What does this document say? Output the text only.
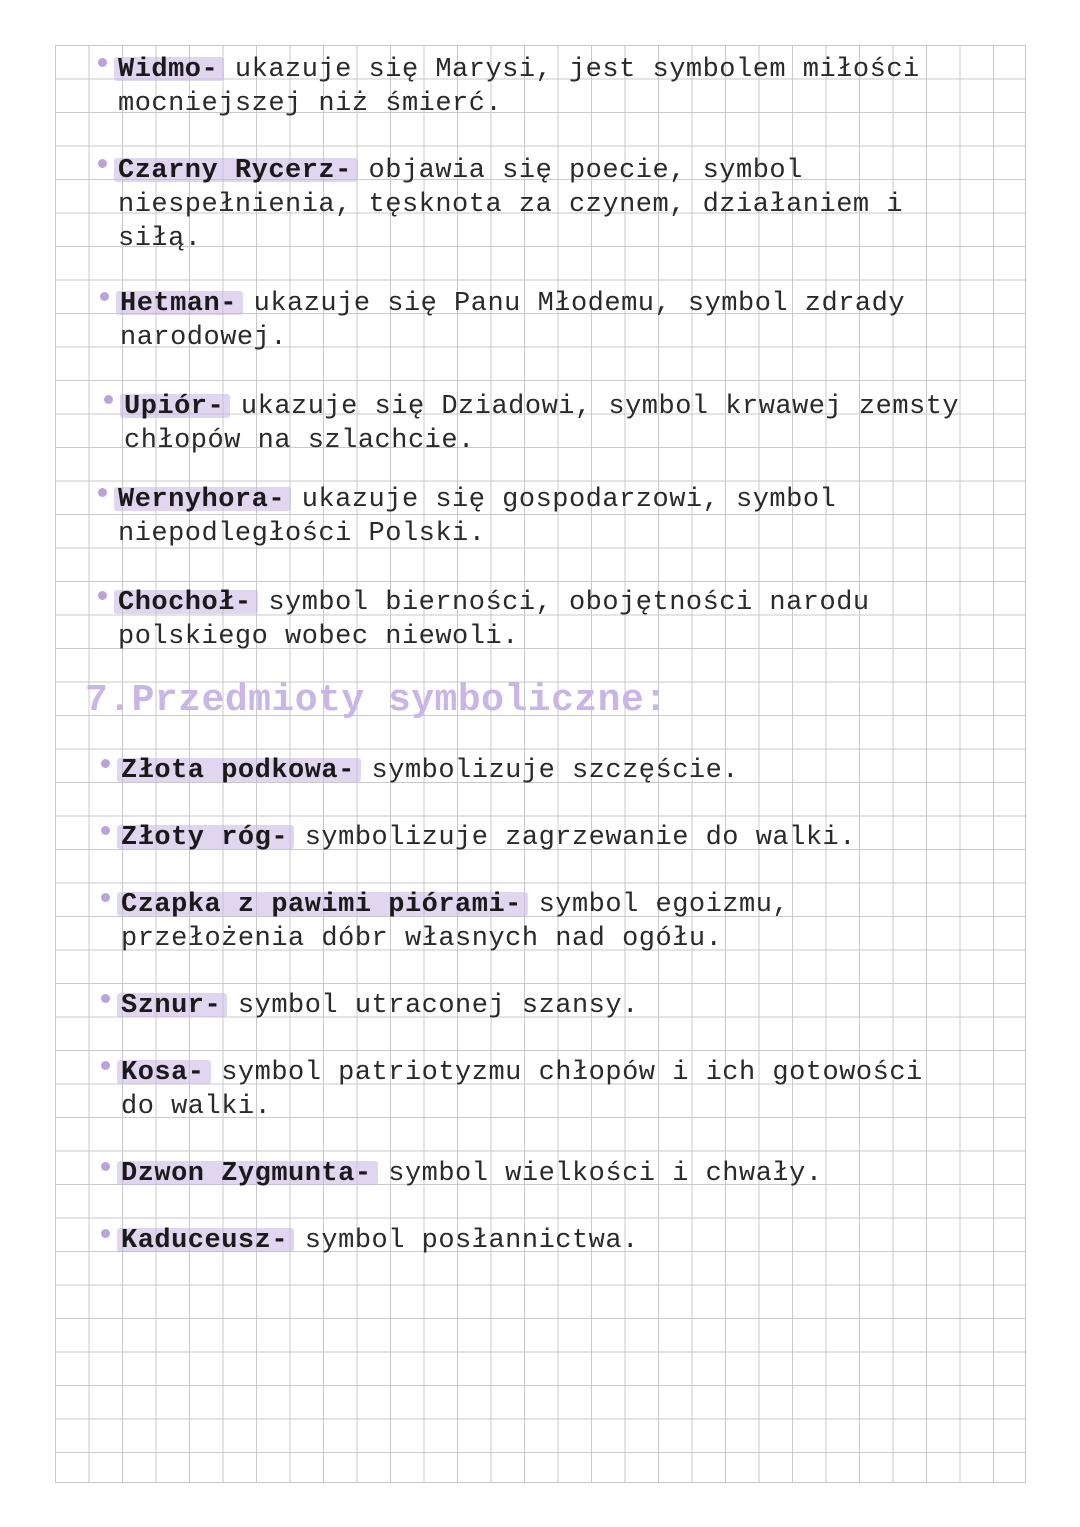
Widmo- ukazuje się Marysi, jest symbolem miłości
mocniejszej niż śmierć.
Czarny Rycerz- objawia się poecie, symbol
niespełnienia, tęsknota za czynem, działaniem i
siłą.
Hetman- ukazuje się Panu Młodemu, symbol zdrady
narodowej.
Upiór- ukazuje się Dziadowi, symbol krwawej zemsty
chłopów na szlachcie.
Wernyhora- ukazuje się gospodarzowi, symbol
niepodległości Polski.
Chochoł- symbol bierności, obojętności narodu
polskiego wobec niewoli.
7.Przedmioty symboliczne:
Złota podkowa- symbolizuje szczęście.
Złoty róg- symbolizuje zagrzewanie do walki.
Czapka z pawimi piórami- symbol egoizmu,
przełożenia dóbr własnych nad ogółu.
Sznur- symbol utraconej szansy.
Kosa- symbol patriotyzmu chłopów i ich gotowości
do walki.
Dzwon Zygmunta- symbol wielkości i chwały.
Kaduceusz- symbol posłannictwa.
